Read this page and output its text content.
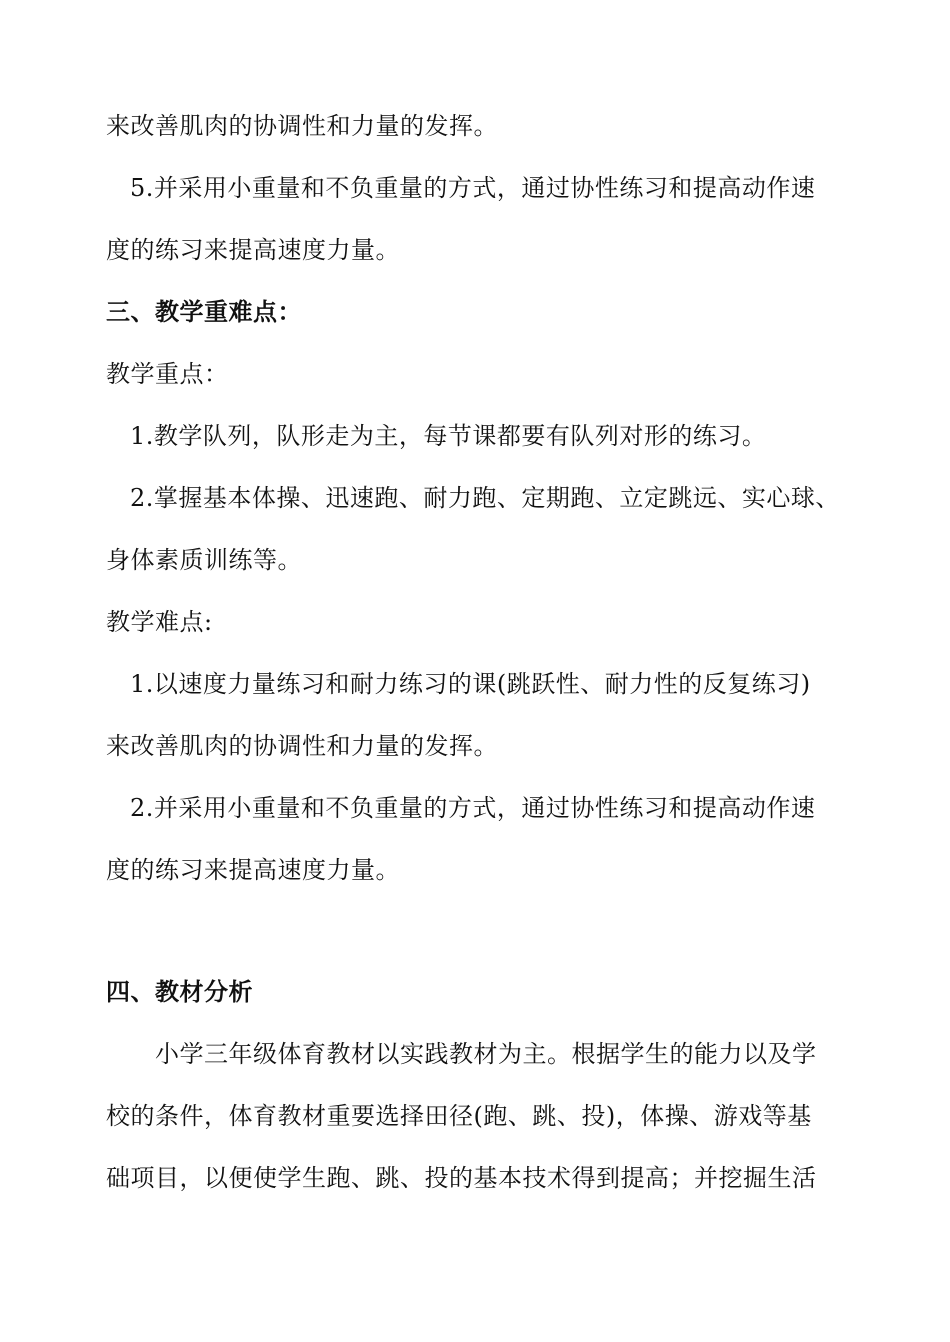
来改善肌肉的协调性和力量的发挥。
5.并采用小重量和不负重量的方式，通过协性练习和提高动作速
度的练习来提高速度力量。
三、教学重难点：
教学重点：
1.教学队列，队形走为主，每节课都要有队列对形的练习。
2.掌握基本体操、迅速跑、耐力跑、定期跑、立定跳远、实心球、
身体素质训练等。
教学难点:
1.以速度力量练习和耐力练习的课(跳跃性、耐力性的反复练习)
来改善肌肉的协调性和力量的发挥。
2.并采用小重量和不负重量的方式，通过协性练习和提高动作速
度的练习来提高速度力量。
四、教材分析
小学三年级体育教材以实践教材为主。根据学生的能力以及学
校的条件，体育教材重要选择田径(跑、跳、投)，体操、游戏等基
础项目，以便使学生跑、跳、投的基本技术得到提高；并挖掘生活
